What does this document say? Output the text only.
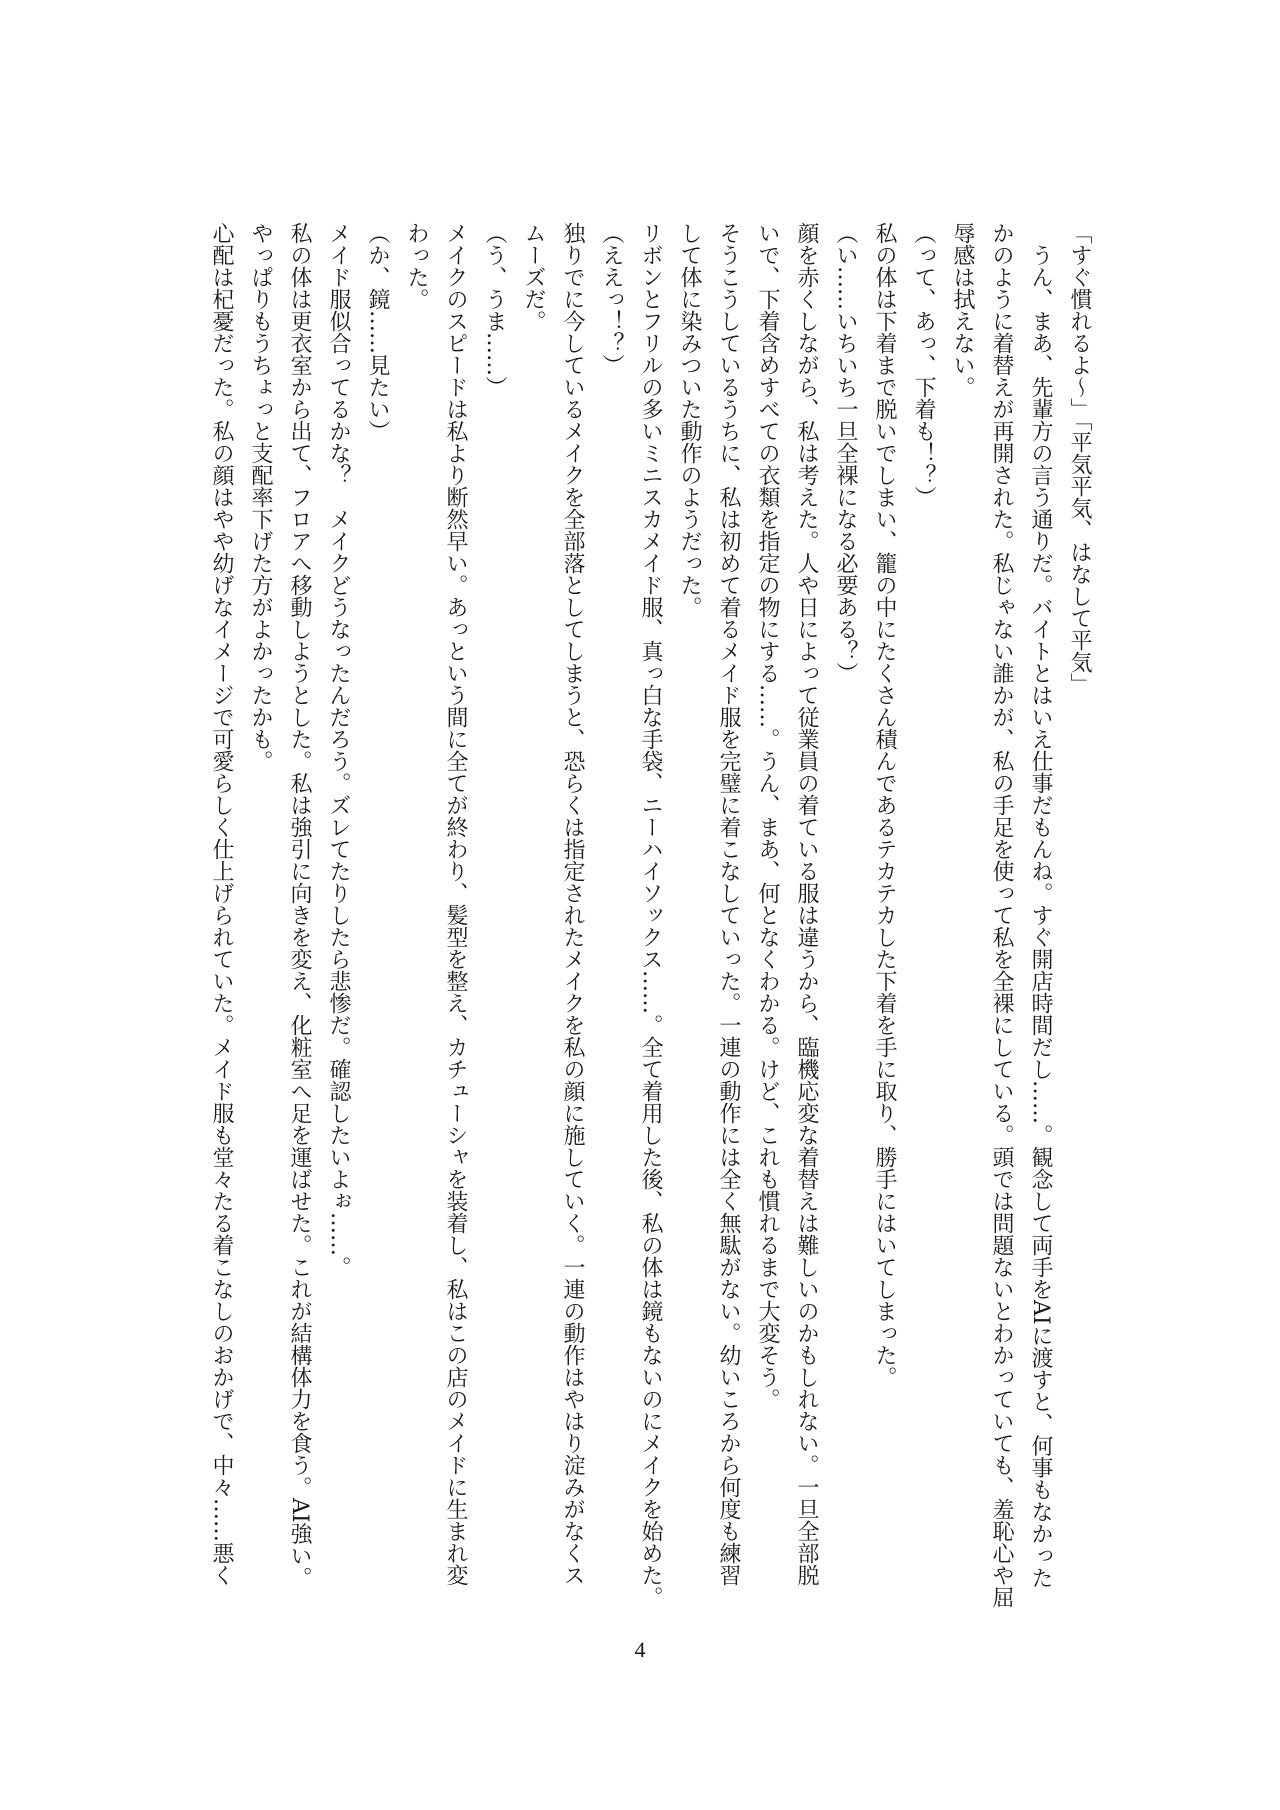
「すぐ慣れるよ～」「平気平気、はなして平気」
うん、まあ、先輩方の言う通りだ。バイトとはいえ仕事だもんね。すぐ開店時間だし……。観念して両手をAIに渡すと、何事もなかった
かのように着替えが再開された。私じゃない誰かが、私の手足を使って私を全裸にしている。頭では問題ないとわかっていても、羞恥心や屈
辱感は拭えない。
（って、あっ、下着も！？）
私の体は下着まで脱いでしまい、籠の中にたくさん積んであるテカテカした下着を手に取り、勝手にはいてしまった。
（い……いちいち一旦全裸になる必要ある？）
顔を赤くしながら、私は考えた。人や日によって従業員の着ている服は違うから、臨機応変な着替えは難しいのかもしれない。一旦全部脱
いで、下着含めすべての衣類を指定の物にする……。うん、まあ、何となくわかる。けど、これも慣れるまで大変そう。
そうこうしているうちに、私は初めて着るメイド服を完璧に着こなしていった。一連の動作には全く無駄がない。幼いころから何度も練習
して体に染みついた動作のようだった。
リボンとフリルの多いミニスカメイド服、真っ白な手袋、ニーハイソックス……。全て着用した後、私の体は鏡もないのにメイクを始めた。
（ええっ！？）
独りでに今しているメイクを全部落としてしまうと、恐らくは指定されたメイクを私の顔に施していく。一連の動作はやはり淀みがなくス
ムーズだ。
（う、うま……）
メイクのスピードは私より断然早い。あっという間に全てが終わり、髪型を整え、カチューシャを装着し、私はこの店のメイドに生まれ変
わった。
（か、鏡……見たい）
メイド服似合ってるかな？　メイクどうなったんだろう。ズレてたりしたら悲惨だ。確認したいよぉ……。
私の体は更衣室から出て、フロアへ移動しようとした。私は強引に向きを変え、化粧室へ足を運ばせた。これが結構体力を食う。AI強い。
やっぱりもうちょっと支配率下げた方がよかったかも。
心配は杞憂だった。私の顔はやや幼げなイメージで可愛らしく仕上げられていた。メイド服も堂々たる着こなしのおかげで、中々……悪く
4
